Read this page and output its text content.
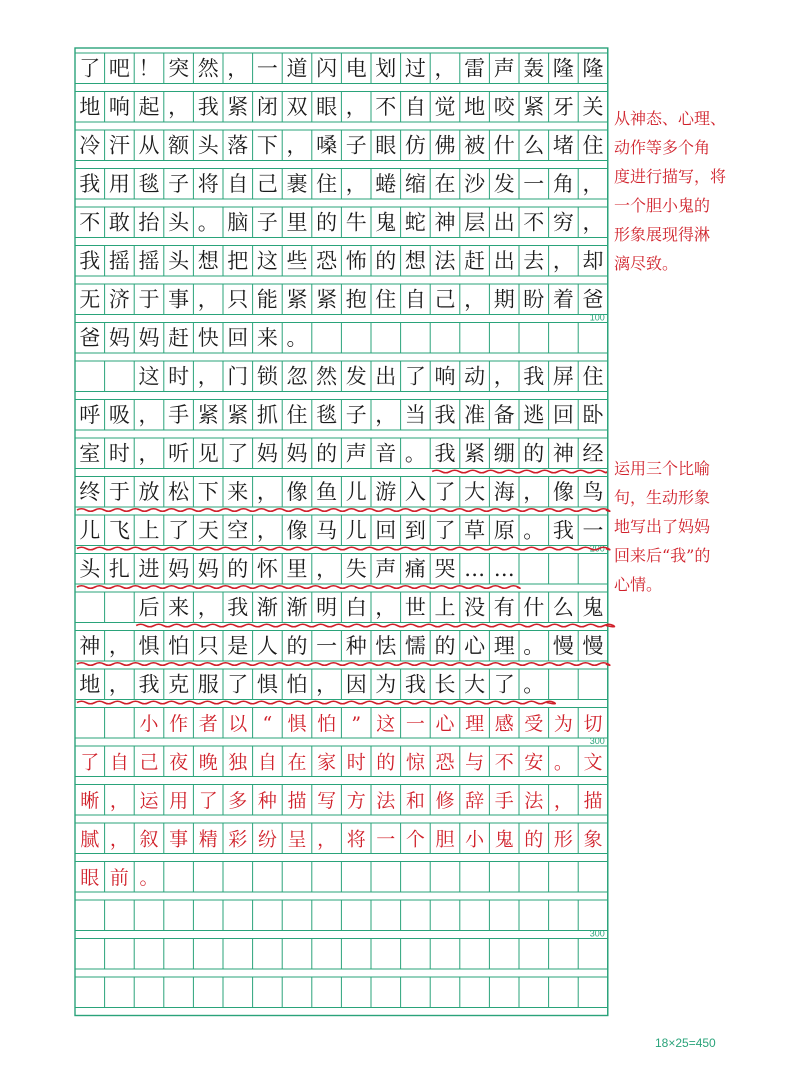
了 吧 ！ 突 然 ， 一 道 闪 电 划 过 ， 雷 声 轰 隆 隆
地 响 起 ， 我 紧 闭 双 眼 ， 不 自 觉 地 咬 紧 牙 关
冷 汗 从 额 头 落 下 ， 嗓 子 眼 仿 佛 被 什 么 堵 住
我 用 毯 子 将 自 己 裹 住 ， 蜷 缩 在 沙 发 一 角 ，
不 敢 抬 头 。 脑 子 里 的 牛 鬼 蛇 神 层 出 不 穷 ，
我 摇 摇 头 想 把 这 些 恐 怖 的 想 法 赶 出 去 ， 却
无 济 于 事 ， 只 能 紧 紧 抱 住 自 己 ， 期 盼 着 爸
爸 妈 妈 赶 快 回 来 。
这 时 ， 门 锁 忽 然 发 出 了 响 动 ， 我 屏 住
呼 吸 ， 手 紧 紧 抓 住 毯 子 ， 当 我 准 备 逃 回 卧
室 时 ， 听 见 了 妈 妈 的 声 音 。 我 紧 绷 的 神 经
终 于 放 松 下 来 ， 像 鱼 儿 游 入 了 大 海 ， 像 鸟
儿 飞 上 了 天 空 ， 像 马 儿 回 到 了 草 原 。 我 一
头 扎 进 妈 妈 的 怀 里 ， 失 声 痛 哭 … …
后 来 ， 我 渐 渐 明 白 ， 世 上 没 有 什 么 鬼
神 ， 惧 怕 只 是 人 的 一 种 怯 懦 的 心 理 。 慢 慢
地 ， 我 克 服 了 惧 怕 ， 因 为 我 长 大 了 。
小 作 者 以 “ 惧 怕 ” 这 一 心 理 感 受 为 切
了 自 己 夜 晚 独 自 在 家 时 的 惊 恐 与 不 安 。 文
晰 ， 运 用 了 多 种 描 写 方 法 和 修 辞 手 法 ， 描
腻 ， 叙 事 精 彩 纷 呈 ， 将 一 个 胆 小 鬼 的 形 象
眼 前 。
100
200
300
300
从神态、心理、
动作等多个角
度进行描写，将
一个胆小鬼的
形象展现得淋
漓尽致。
运用三个比喻
句，生动形象
地写出了妈妈
回来后“我”的
心情。
18×25=450
